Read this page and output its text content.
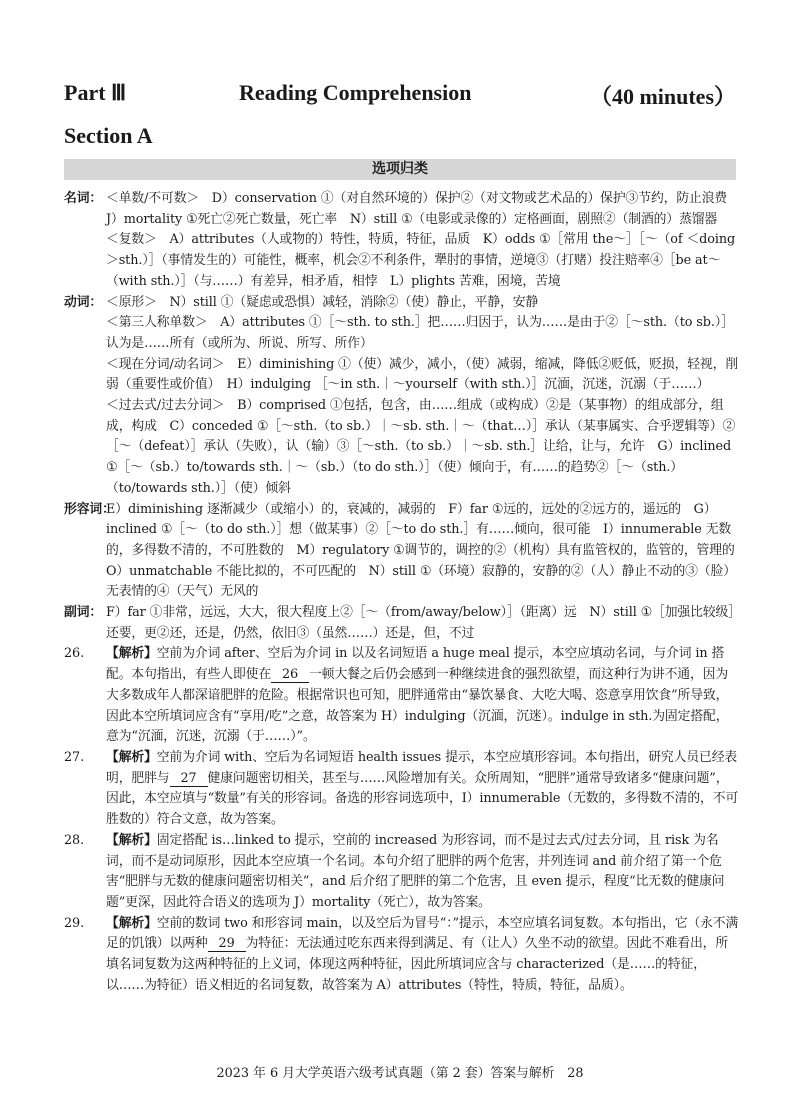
Part Ⅲ	Reading Comprehension	（40 minutes）
Section A
选项归类
名词： ＜单数/不可数＞　D）conservation ①（对自然环境的）保护②（对文物或艺术品的）保护③节约，防止浪费　J）mortality ①死亡②死亡数量，死亡率　N）still ①（电影或录像的）定格画面，剧照②（制酒的）蒸馏器

＜复数＞　A）attributes（人或物的）特性，特质，特征，品质　K）odds ①［常用 the～］［～（of ＜doing＞sth.）］（事情发生的）可能性，概率，机会②不利条件，犟肘的事情，逆境③（打赌）投注赔率④［be at～（with sth.）］（与……）有差异，相矛盾，相悖　L）plights 苦难，困境，苦境

动词： ＜原形＞　N）still ①（疑虑或恐惧）减轻，消除②（使）静止，平静，安静

＜第三人称单数＞　A）attributes ①［～sth. to sth.］把……归因于，认为……是由于②［～sth.（to sb.）］认为是……所有（或所为、所说、所写、所作）

＜现在分词/动名词＞　E）diminishing ①（使）减少，减小，（使）减弱，缩减，降低②贬低，贬损，轻视，削弱（重要性或价值）　H）indulging ［～in sth.｜～yourself（with sth.）］沉湎，沉迷，沉溺（于……）

＜过去式/过去分词＞　B）comprised ①包括，包含，由……组成（或构成）②是（某事物）的组成部分，组成，构成　C）conceded ①［～sth.（to sb.）｜～sb. sth.｜～（that…）］承认（某事属实、合乎逻辑等）②［～（defeat）］承认（失败），认（输）③［～sth.（to sb.）｜～sb. sth.］让给，让与，允许　G）inclined ①［～（sb.）to/towards sth.｜～（sb.）（to do sth.）］（使）倾向于，有……的趋势②［～（sth.）（to/towards sth.）］（使）倾斜

形容词：

E）diminishing 逐渐减少（或缩小）的，衰减的，减弱的　F）far ①远的，远处的②远方的，遥远的　G）inclined ①［～（to do sth.）］想（做某事）②［～to do sth.］有……倾向，很可能　I）innumerable 无数的，多得数不清的，不可胜数的　M）regulatory ①调节的，调控的②（机构）具有监管权的，监管的，管理的　O）unmatchable 不能比拟的，不可匹配的　N）still ①（环境）寂静的，安静的②（人）静止不动的③（脸）无表情的④（天气）无风的

副词： F）far ①非常，远远，大大，很大程度上②［～（from/away/below）］（距离）远　N）still ①［加强比较级］还要，更②还，还是，仍然，依旧③（虽然……）还是，但，不过

26. 【解析】空前为介词 after、空后为介词 in 以及名词短语 a huge meal 提示，本空应填动名词，与介词 in 搭配。本句指出，有些人即使在 26 一顿大餐之后仍会感到一种继续进食的强烈欲望，而这种行为讲不通，因为大多数成年人都深谙肥胖的危险。根据常识也可知，肥胖通常由“暴饮暴食、大吃大喝、恣意享用饮食”所导致，因此本空所填词应含有“享用/吃”之意，故答案为 H）indulging（沉湎，沉迷）。indulge in sth.为固定搭配，意为“沉湎，沉迷，沉溺（于……）”。

27. 【解析】空前为介词 with、空后为名词短语 health issues 提示，本空应填形容词。本句指出，研究人员已经表明，肥胖与 27 健康问题密切相关，甚至与……风险增加有关。众所周知，“肥胖”通常导致诸多“健康问题”，因此，本空应填与“数量”有关的形容词。备选的形容词选项中，I）innumerable（无数的，多得数不清的，不可胜数的）符合文意，故为答案。

28. 【解析】固定搭配 is…linked to 提示，空前的 increased 为形容词，而不是过去式/过去分词，且 risk 为名词，而不是动词原形，因此本空应填一个名词。本句介绍了肥胖的两个危害，并列连词 and 前介绍了第一个危害“肥胖与无数的健康问题密切相关”，and 后介绍了肥胖的第二个危害，且 even 提示，程度“比无数的健康问题”更深，因此符合语义的选项为 J）mortality（死亡），故为答案。

29. 【解析】空前的数词 two 和形容词 main，以及空后为冒号“：”提示，本空应填名词复数。本句指出，它（永不满足的饥饿）以两种 29 为特征：无法通过吃东西来得到满足、有（让人）久坐不动的欲望。因此不难看出，所填名词复数为这两种特征的上义词，体现这两种特征，因此所填词应含与 characterized（是……的特征，以……为特征）语义相近的名词复数，故答案为 A）attributes（特性，特质，特征，品质）。

2023 年 6 月大学英语六级考试真题（第 2 套）答案与解析　28
